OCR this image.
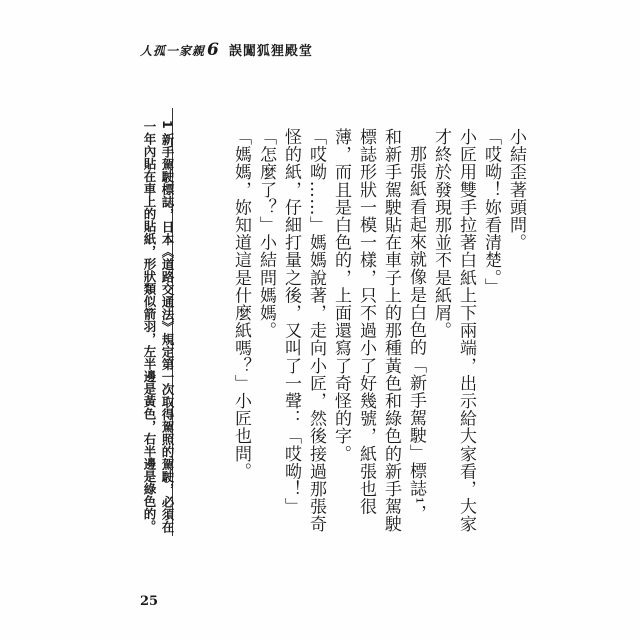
人孤一家親 6 誤闖狐狸殿堂

小結歪著頭問。

「哎呦！妳看清楚。」

小匠用雙手拉著白紙上下兩端，出示給大家看，大家才終於發現那並不是紙屑。

那張紙看起來就像是白色的「新手駕駛」標誌¹，和新手駕駛貼在車子上的那種黃色和綠色的新手駕駛標誌形狀一模一樣，只不過小了好幾號，紙張也很薄，而且是白色的，上面還寫了奇怪的字。

「哎呦……」媽媽說著，走向小匠，然後接過那張奇怪的紙，仔細打量之後，又叫了一聲：「哎呦！」

「怎麼了？」小結問媽媽。

「媽媽，妳知道這是什麼紙嗎？」小匠也問。

1 新手駕駛標誌，日本《道路交通法》規定第一次取得駕照的駕駛，必須在一年內貼在車上的貼紙，形狀類似箭羽，左半邊是黃色，右半邊是綠色的。
25
